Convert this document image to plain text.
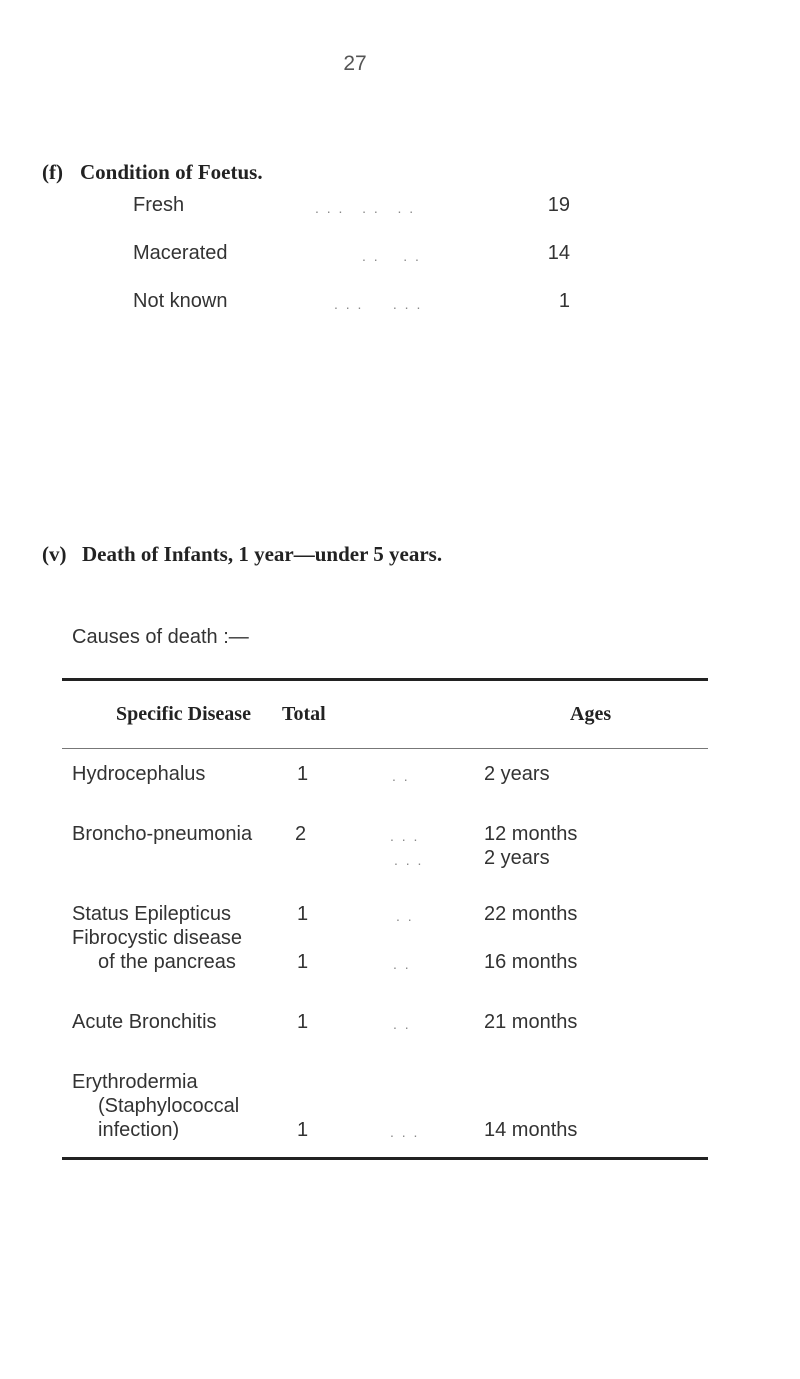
27
(f) Condition of Foetus.
Fresh	. . .   . .   . .	19
Macerated	. .    . .	14
Not known	. . .     . . .	1
(v) Death of Infants, 1 year—under 5 years.
Causes of death :—
Specific Disease Total	Ages
Hydrocephalus	1	. .	2 years
Broncho-pneumonia 2	. . .	12 months
. . .	2 years
Status Epilepticus	1	. .	22 months
Fibrocystic disease
of the pancreas	1	. .	16 months
Acute Bronchitis	1	. .	21 months
Erythrodermia
(Staphylococcal
infection)	1	. . .	14 months
